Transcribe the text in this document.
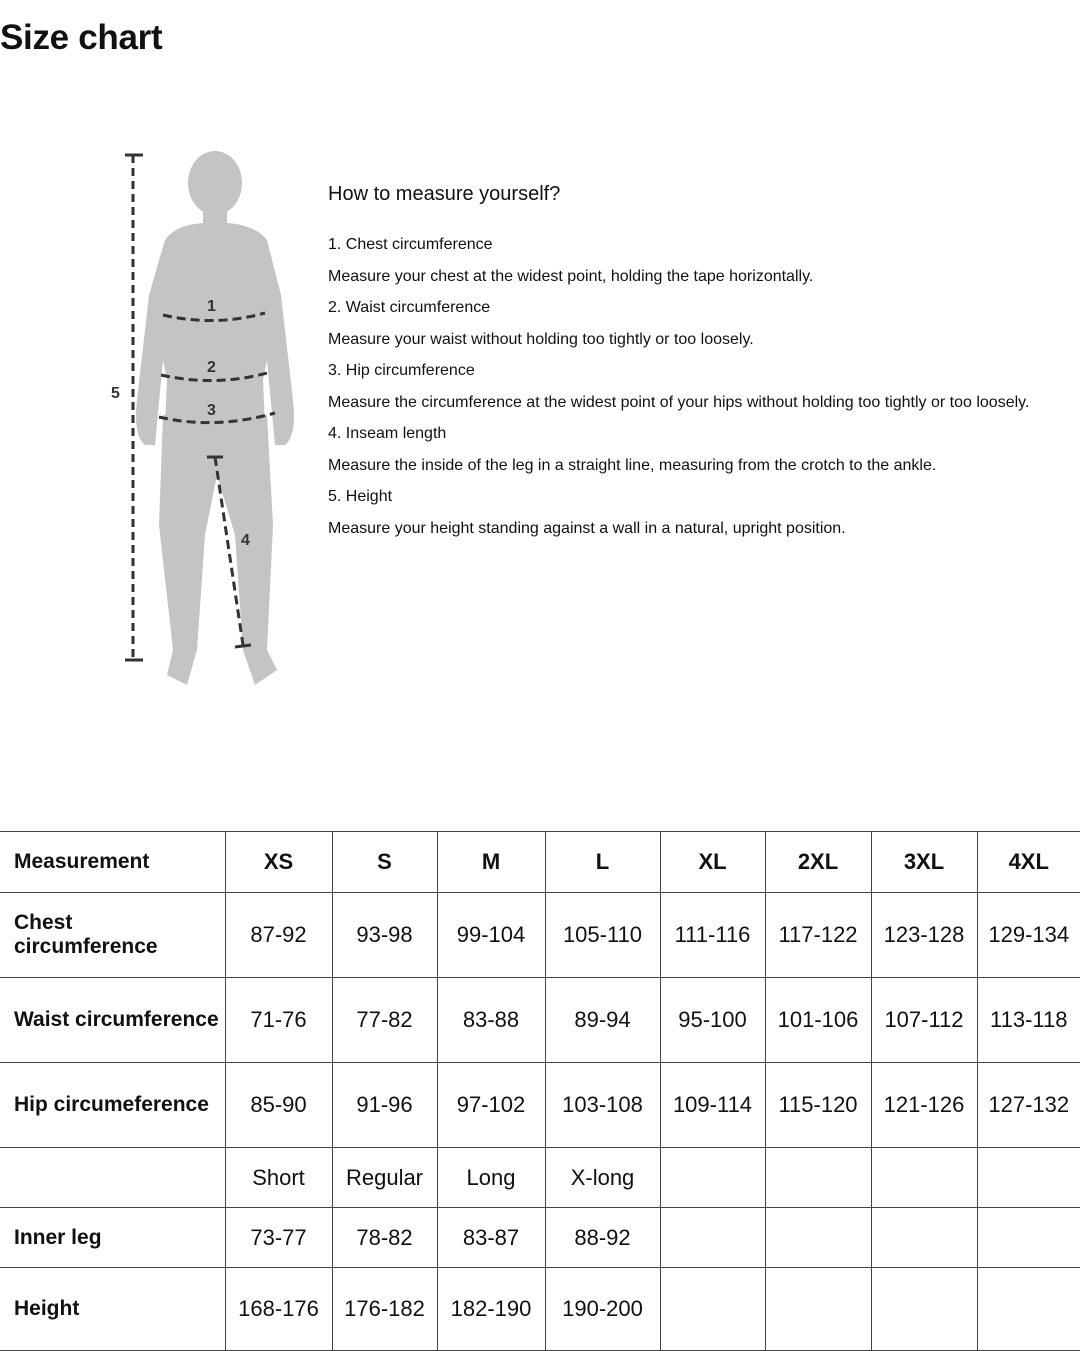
Size chart
1
2
3
4
5
How to measure yourself?
1. Chest circumference
Measure your chest at the widest point, holding the tape horizontally.
2. Waist circumference
Measure your waist without holding too tightly or too loosely.
3. Hip circumference
Measure the circumference at the widest point of your hips without holding too tightly or too loosely.
4. Inseam length
Measure the inside of the leg in a straight line, measuring from the crotch to the ankle.
5. Height
Measure your height standing against a wall in a natural, upright position.
Measurement	XS	S	M	L	XL	2XL	3XL	4XL
Chest circumference	87-92	93-98	99-104	105-110	111-116	117-122	123-128	129-134
Waist circumference	71-76	77-82	83-88	89-94	95-100	101-106	107-112	113-118
Hip circumeference	85-90	91-96	97-102	103-108	109-114	115-120	121-126	127-132
	Short	Regular	Long	X-long				
Inner leg	73-77	78-82	83-87	88-92				
Height	168-176	176-182	182-190	190-200				
